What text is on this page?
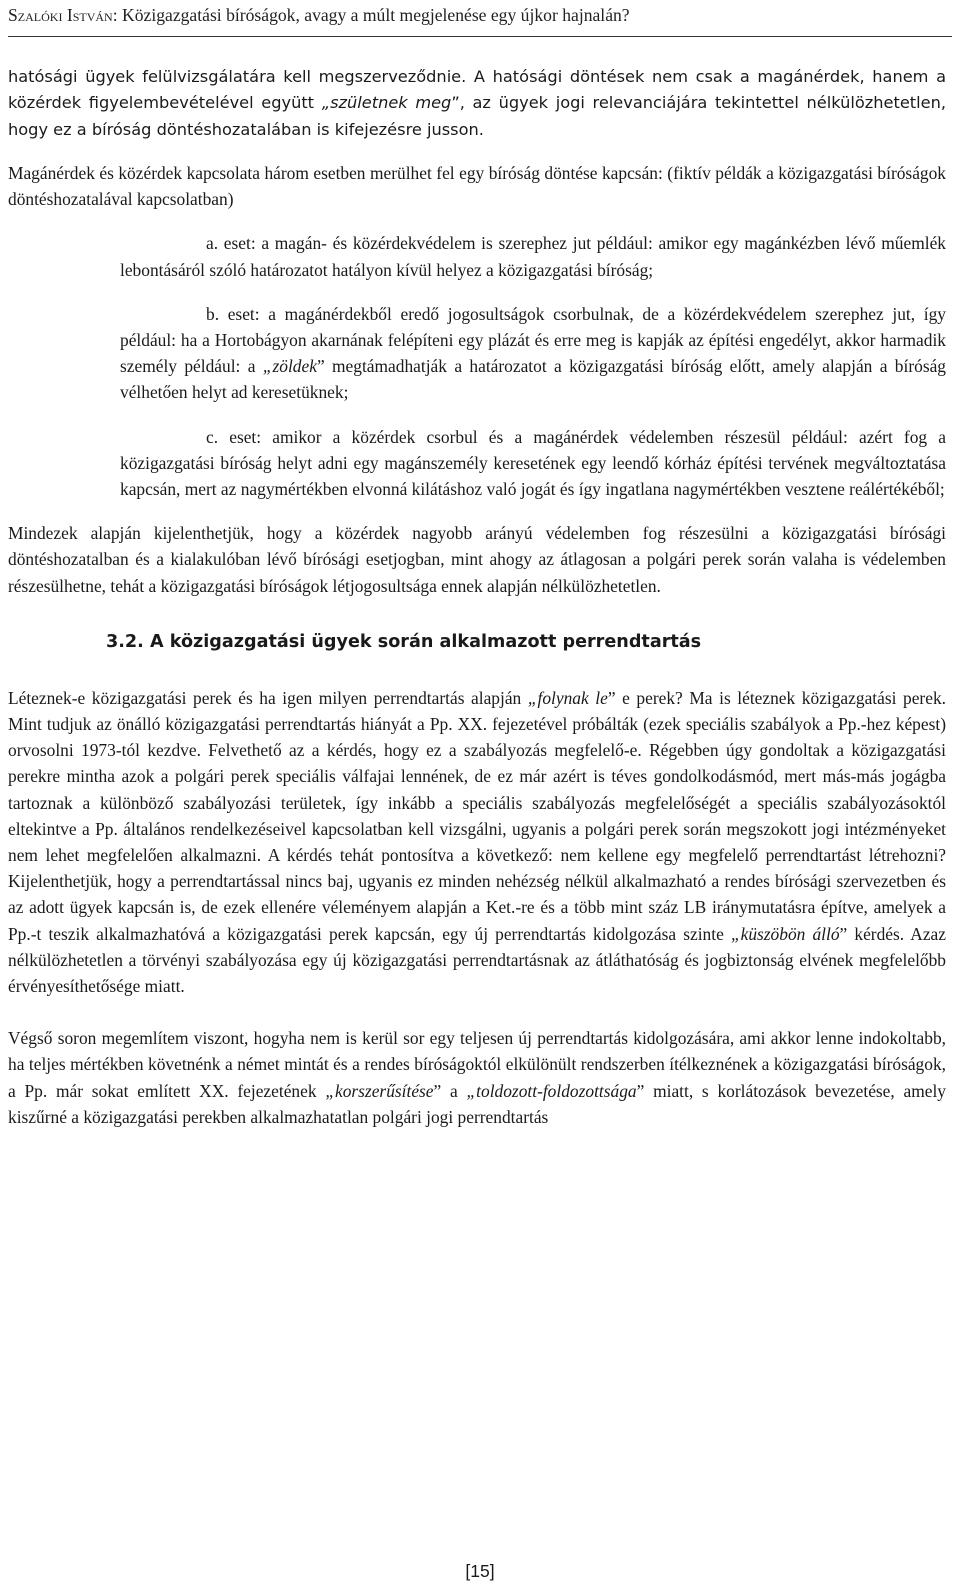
Szalóki István: Közigazgatási bíróságok, avagy a múlt megjelenése egy újkor hajnalán?

hatósági ügyek felülvizsgálatára kell megszerveződnie. A hatósági döntések nem csak a magánérdek, hanem a közérdek figyelembevételével együtt „születnek meg”, az ügyek jogi relevanciájára tekintettel nélkülözhetetlen, hogy ez a bíróság döntéshozatalában is kifejezésre jusson.

Magánérdek és közérdek kapcsolata három esetben merülhet fel egy bíróság döntése kapcsán: (fiktív példák a közigazgatási bíróságok döntéshozatalával kapcsolatban)

a. eset: a magán- és közérdekvédelem is szerephez jut például: amikor egy magánkézben lévő műemlék lebontásáról szóló határozatot hatályon kívül helyez a közigazgatási bíróság;

b. eset: a magánérdekből eredő jogosultságok csorbulnak, de a közérdekvédelem szerephez jut, így például: ha a Hortobágyon akarnának felépíteni egy plázát és erre meg is kapják az építési engedélyt, akkor harmadik személy például: a „zöldek” megtámadhatják a határozatot a közigazgatási bíróság előtt, amely alapján a bíróság vélhetően helyt ad keresetüknek;

c. eset: amikor a közérdek csorbul és a magánérdek védelemben részesül például: azért fog a közigazgatási bíróság helyt adni egy magánszemély keresetének egy leendő kórház építési tervének megváltoztatása kapcsán, mert az nagymértékben elvonná kilátáshoz való jogát és így ingatlana nagymértékben vesztene reálértékéből;

Mindezek alapján kijelenthetjük, hogy a közérdek nagyobb arányú védelemben fog részesülni a közigazgatási bírósági döntéshozatalban és a kialakulóban lévő bírósági esetjogban, mint ahogy az átlagosan a polgári perek során valaha is védelemben részesülhetne, tehát a közigazgatási bíróságok létjogosultsága ennek alapján nélkülözhetetlen.

3.2. A közigazgatási ügyek során alkalmazott perrendtartás

Léteznek-e közigazgatási perek és ha igen milyen perrendtartás alapján „folynak le” e perek? Ma is léteznek közigazgatási perek. Mint tudjuk az önálló közigazgatási perrendtartás hiányát a Pp. XX. fejezetével próbálták (ezek speciális szabályok a Pp.-hez képest) orvosolni 1973-tól kezdve. Felvethető az a kérdés, hogy ez a szabályozás megfelelő-e. Régebben úgy gondoltak a közigazgatási perekre mintha azok a polgári perek speciális válfajai lennének, de ez már azért is téves gondolkodásmód, mert más-más jogágba tartoznak a különböző szabályozási területek, így inkább a speciális szabályozás megfelelőségét a speciális szabályozásoktól eltekintve a Pp. általános rendelkezéseivel kapcsolatban kell vizsgálni, ugyanis a polgári perek során megszokott jogi intézményeket nem lehet megfelelően alkalmazni. A kérdés tehát pontosítva a következő: nem kellene egy megfelelő perrendtartást létrehozni? Kijelenthetjük, hogy a perrendtartással nincs baj, ugyanis ez minden nehézség nélkül alkalmazható a rendes bírósági szervezetben és az adott ügyek kapcsán is, de ezek ellenére véleményem alapján a Ket.-re és a több mint száz LB iránymutatásra építve, amelyek a Pp.-t teszik alkalmazhatóvá a közigazgatási perek kapcsán, egy új perrendtartás kidolgozása szinte „küszöbön álló” kérdés. Azaz nélkülözhetetlen a törvényi szabályozása egy új közigazgatási perrendtartásnak az átláthatóság és jogbiztonság elvének megfelelőbb érvényesíthetősége miatt.

Végső soron megemlítem viszont, hogyha nem is kerül sor egy teljesen új perrendtartás kidolgozására, ami akkor lenne indokoltabb, ha teljes mértékben követnénk a német mintát és a rendes bíróságoktól elkülönült rendszerben ítélkeznének a közigazgatási bíróságok, a Pp. már sokat említett XX. fejezetének „korszerűsítése” a „toldozott-foldozottsága” miatt, s korlátozások bevezetése, amely kiszűrné a közigazgatási perekben alkalmazhatatlan polgári jogi perrendtartás

[15]
